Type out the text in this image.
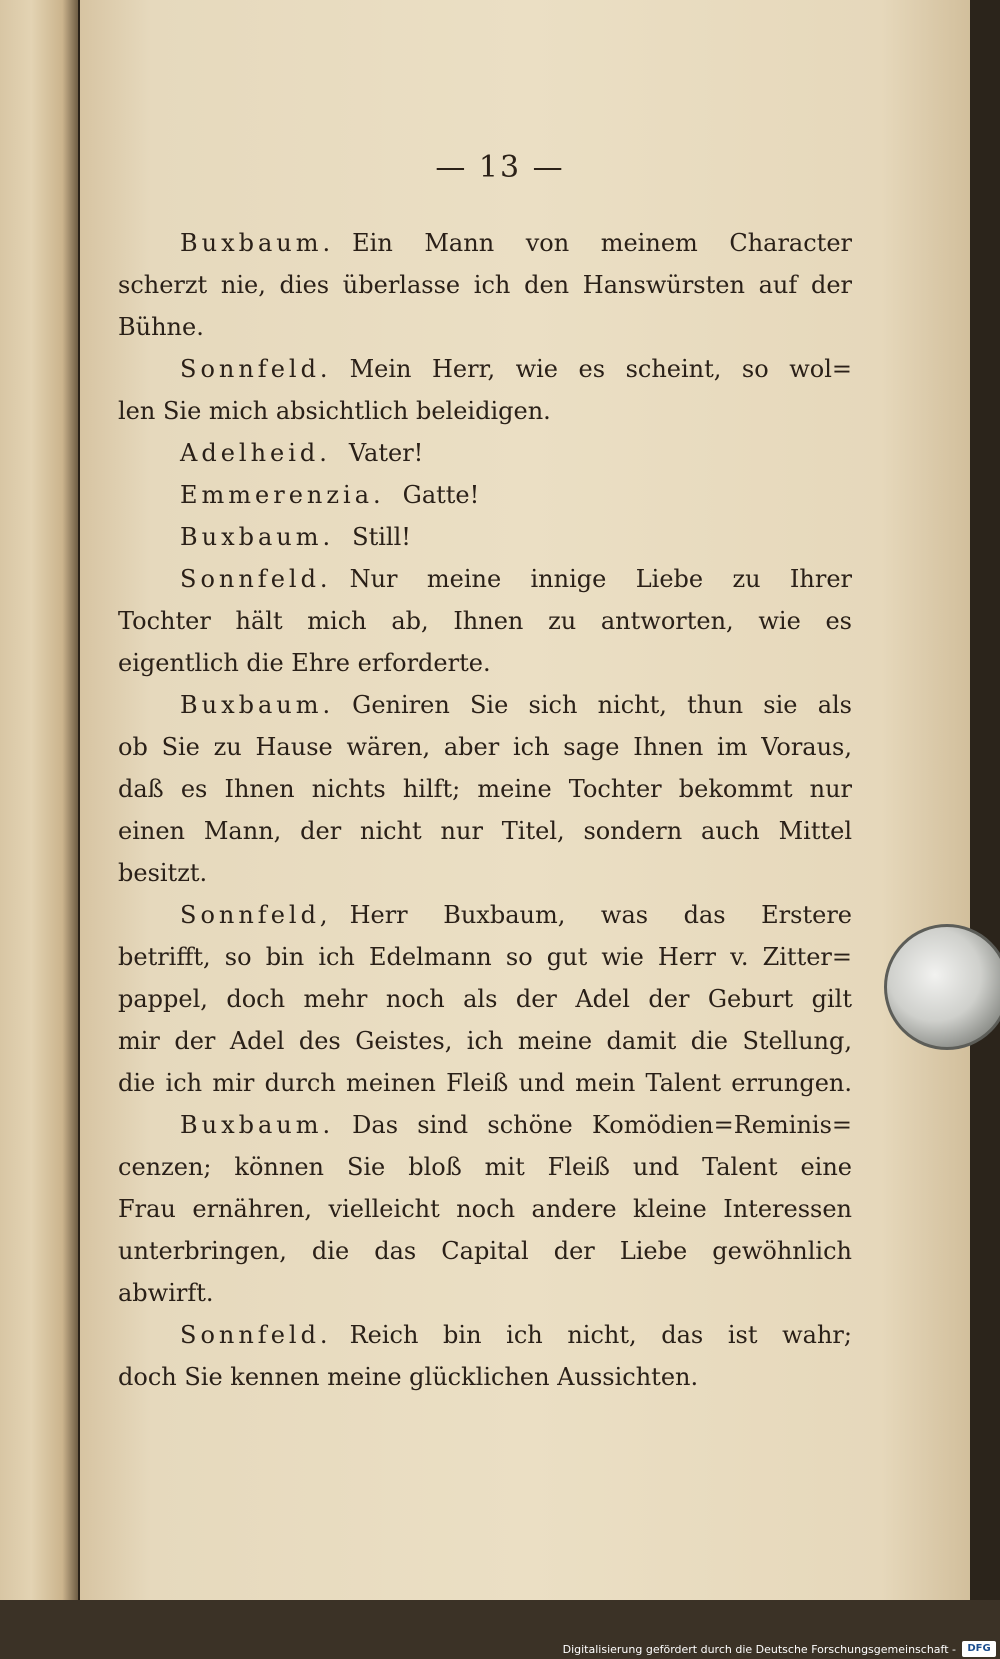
— 13 —
Buxbaum. Ein Mann von meinem Character
scherzt nie, dies überlasse ich den Hanswürsten auf der
Bühne.
Sonnfeld. Mein Herr, wie es scheint, so wol=
len Sie mich absichtlich beleidigen.
Adelheid. Vater!
Emmerenzia. Gatte!
Buxbaum. Still!
Sonnfeld. Nur meine innige Liebe zu Ihrer
Tochter hält mich ab, Ihnen zu antworten, wie es
eigentlich die Ehre erforderte.
Buxbaum. Geniren Sie sich nicht, thun sie als
ob Sie zu Hause wären, aber ich sage Ihnen im Voraus,
daß es Ihnen nichts hilft; meine Tochter bekommt nur
einen Mann, der nicht nur Titel, sondern auch Mittel
besitzt.
Sonnfeld, Herr Buxbaum, was das Erstere
betrifft, so bin ich Edelmann so gut wie Herr v. Zitter=
pappel, doch mehr noch als der Adel der Geburt gilt
mir der Adel des Geistes, ich meine damit die Stellung,
die ich mir durch meinen Fleiß und mein Talent errungen.
Buxbaum. Das sind schöne Komödien=Reminis=
cenzen; können Sie bloß mit Fleiß und Talent eine
Frau ernähren, vielleicht noch andere kleine Interessen
unterbringen, die das Capital der Liebe gewöhnlich
abwirft.
Sonnfeld. Reich bin ich nicht, das ist wahr;
doch Sie kennen meine glücklichen Aussichten.
Digitalisierung gefördert durch die Deutsche Forschungsgemeinschaft -	DFG
